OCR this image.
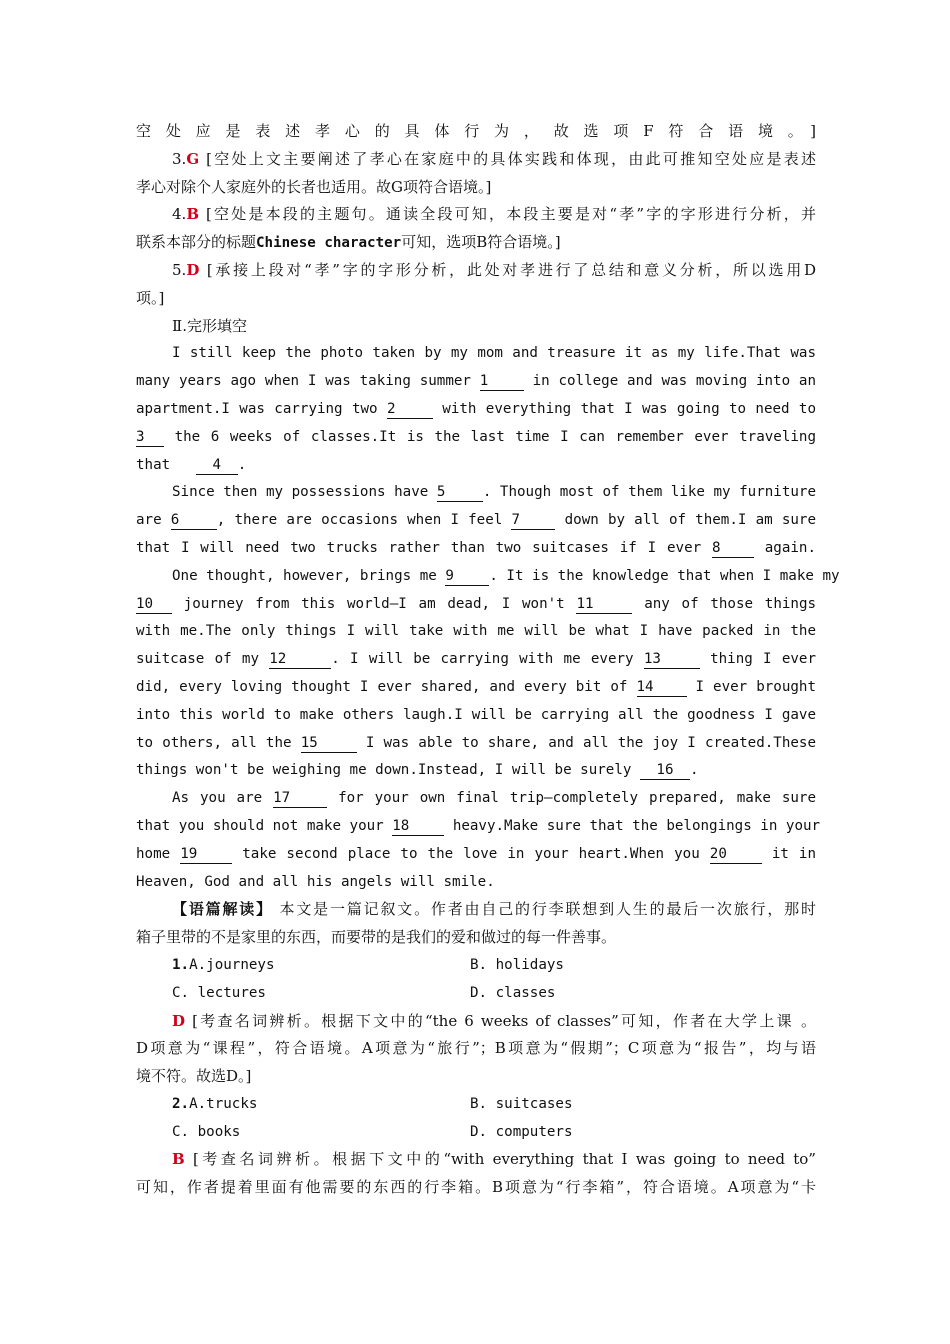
空处应是表述孝心的具体行为，故选项F符合语境。]
3.G [空处上文主要阐述了孝心在家庭中的具体实践和体现，由此可推知空处应是表述
孝心对除个人家庭外的长者也适用。故G项符合语境。]
4.B [空处是本段的主题句。通读全段可知，本段主要是对“孝”字的字形进行分析，并
联系本部分的标题Chinese character可知，选项B符合语境。]
5.D [承接上段对“孝”字的字形分析，此处对孝进行了总结和意义分析，所以选用D
项。]
Ⅱ.完形填空
I still keep the photo taken by my mom and treasure it as my life.That was
many years ago when I was taking summer 1	in college and was moving into an
apartment.I was carrying two 2	with everything that I was going to need to
3 the 6 weeks of classes.It is the last time I can remember ever traveling
that	4 .
Since then my possessions have 5	. Though most of them like my furniture
are 6	, there are occasions when I feel 7	down by all of them.I am sure
that I will need two trucks rather than two suitcases if I ever 8	again.
One thought, however, brings me 9 . It is the knowledge that when I make my
10 journey from this world—I am dead, I won't 11	any of those things
with me.The only things I will take with me will be what I have packed in the
suitcase of my 12	. I will be carrying with me every 13	thing I ever
did, every loving thought I ever shared, and every bit of 14	I ever brought
into this world to make others laugh.I will be carrying all the goodness I gave
to others, all the 15	I was able to share, and all the joy I created.These
things won't be weighing me down.Instead, I will be surely 16 .
As you are 17	for your own final trip—completely prepared, make sure
that you should not make your 18	heavy.Make sure that the belongings in your
home 19	take second place to the love in your heart.When you 20	it in
Heaven, God and all his angels will smile.
【语篇解读】 本文是一篇记叙文。作者由自己的行李联想到人生的最后一次旅行，那时
箱子里带的不是家里的东西，而要带的是我们的爱和做过的每一件善事。
1.A.journeys	B. holidays
C. lectures	D. classes
D [考查名词辨析。根据下文中的“the 6 weeks of classes”可知，作者在大学上课 。
D项意为“课程”，符合语境。A项意为“旅行”；B项意为“假期”；C项意为“报告”，均与语
境不符。故选D。]
2.A.trucks	B. suitcases
C. books	D. computers
B [考查名词辨析。根据下文中的“with everything that I was going to need to”
可知，作者提着里面有他需要的东西的行李箱。B项意为“行李箱”，符合语境。A项意为“卡
